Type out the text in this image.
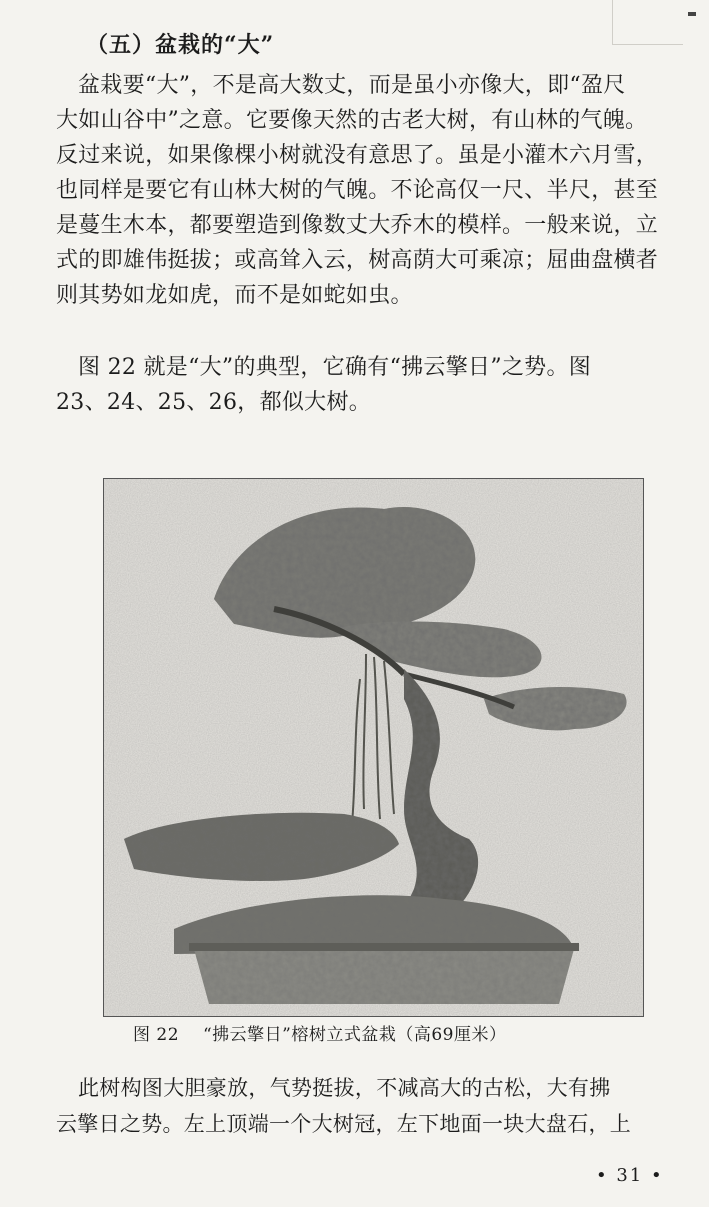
（五）盆栽的“大”

盆栽要“大”，不是高大数丈，而是虽小亦像大，即“盈尺
大如山谷中”之意。它要像天然的古老大树，有山林的气魄。
反过来说，如果像棵小树就没有意思了。虽是小灌木六月雪，
也同样是要它有山林大树的气魄。不论高仅一尺、半尺，甚至
是蔓生木本，都要塑造到像数丈大乔木的模样。一般来说，立
式的即雄伟挺拔；或高耸入云，树高荫大可乘凉；屈曲盘横者
则其势如龙如虎，而不是如蛇如虫。

图 22 就是“大”的典型，它确有“拂云擎日”之势。图
23、24、25、26，都似大树。

图 22 “拂云擎日”榕树立式盆栽（高69厘米）

此树构图大胆豪放，气势挺拔，不减高大的古松，大有拂
云擎日之势。左上顶端一个大树冠，左下地面一块大盘石，上

• 31 •
